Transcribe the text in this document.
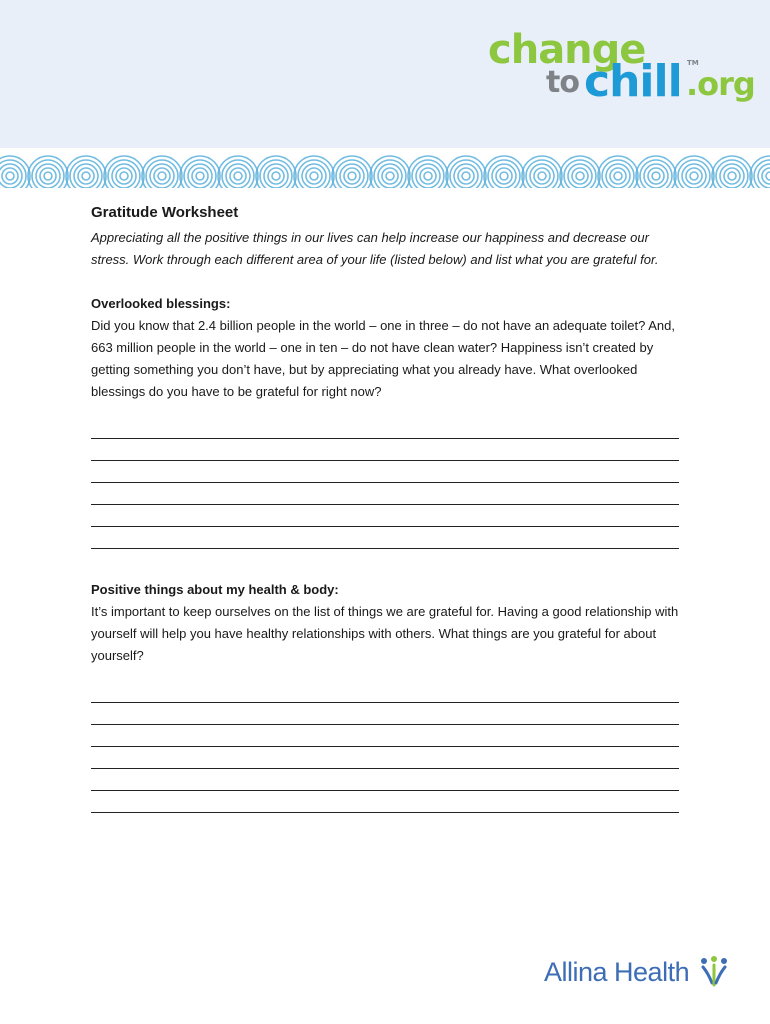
change
to chill TM
.org
Gratitude Worksheet

Appreciating all the positive things in our lives can help increase our happiness and decrease our stress. Work through each different area of your life (listed below) and list what you are grateful for.

Overlooked blessings:

Did you know that 2.4 billion people in the world – one in three – do not have an adequate toilet? And, 663 million people in the world – one in ten – do not have clean water? Happiness isn’t created by getting something you don’t have, but by appreciating what you already have. What overlooked blessings do you have to be grateful for right now?

Positive things about my health & body:

It’s important to keep ourselves on the list of things we are grateful for. Having a good relationship with yourself will help you have healthy relationships with others. What things are you grateful for about yourself?

Allina Health
